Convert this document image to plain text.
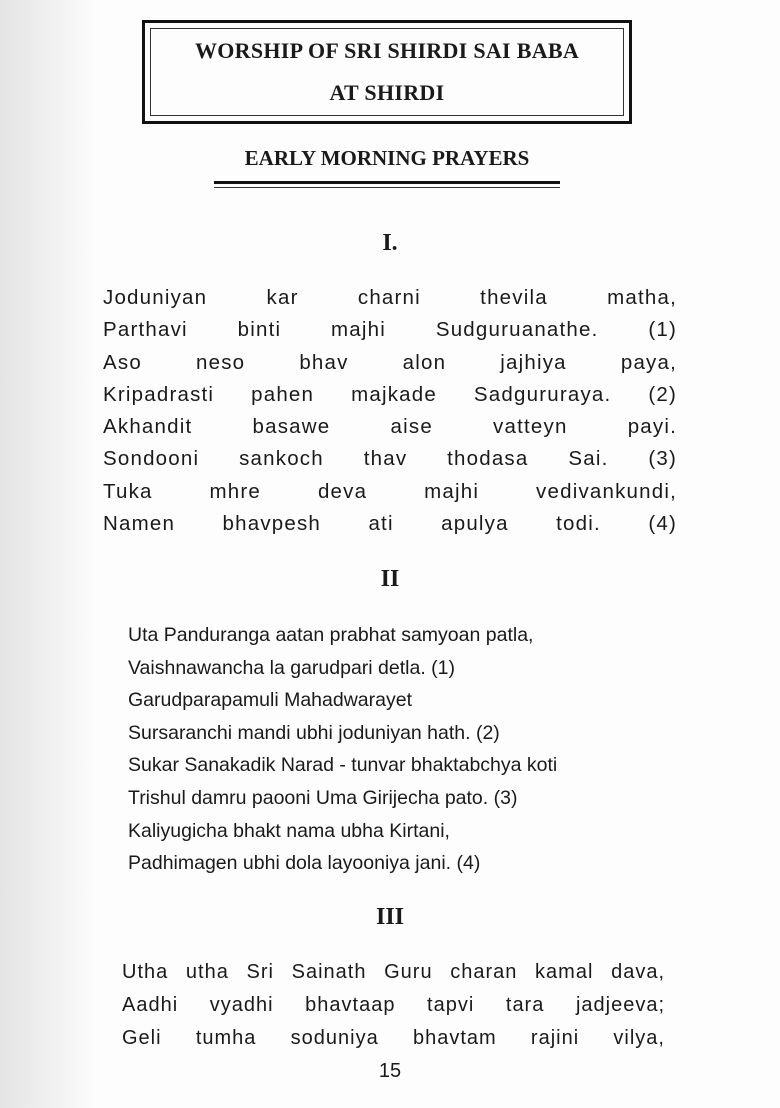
WORSHIP OF SRI SHIRDI SAI BABA
AT SHIRDI
EARLY MORNING PRAYERS
I.
Joduniyan kar charni thevila matha,
Parthavi binti majhi Sudguruanathe. (1)
Aso neso bhav alon jajhiya paya,
Kripadrasti pahen majkade Sadgururaya. (2)
Akhandit basawe aise vatteyn payi.
Sondooni sankoch thav thodasa Sai. (3)
Tuka mhre deva majhi vedivankundi,
Namen bhavpesh ati apulya todi. (4)
II
Uta Panduranga aatan prabhat samyoan patla,
Vaishnawancha la garudpari detla. (1)
Garudparapamuli Mahadwarayet
Sursaranchi mandi ubhi joduniyan hath. (2)
Sukar Sanakadik Narad - tunvar bhaktabchya koti
Trishul damru paooni Uma Girijecha pato. (3)
Kaliyugicha bhakt nama ubha Kirtani,
Padhimagen ubhi dola layooniya jani. (4)
III
Utha utha Sri Sainath Guru charan kamal dava,
Aadhi vyadhi bhavtaap tapvi tara jadjeeva;
Geli tumha soduniya bhavtam rajini vilya,
15
